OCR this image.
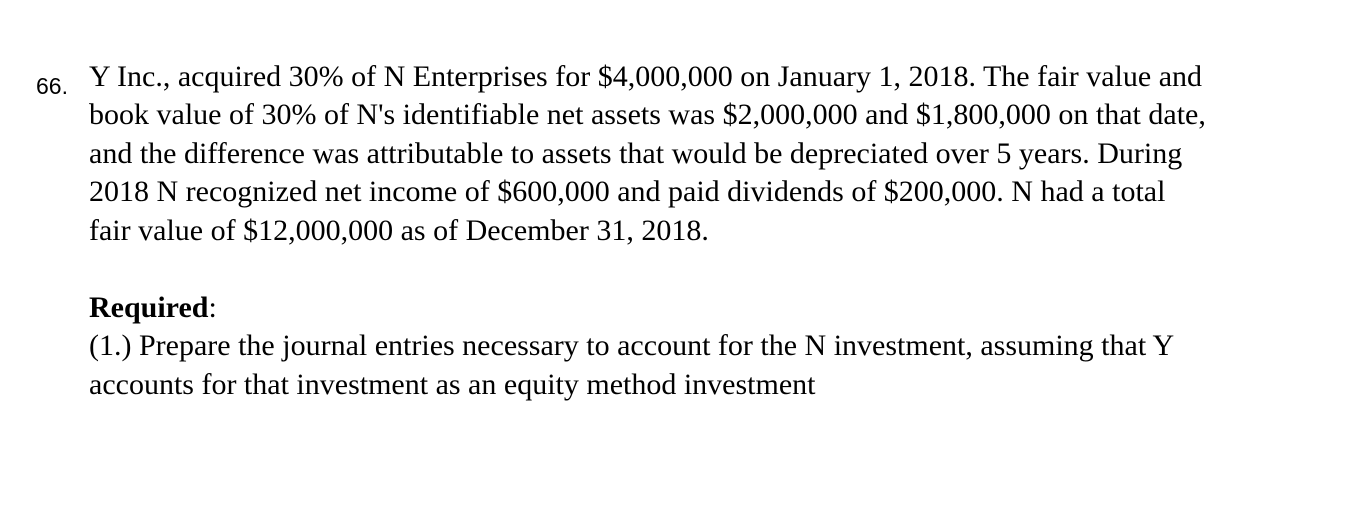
66. Y Inc., acquired 30% of N Enterprises for $4,000,000 on January 1, 2018. The fair value and
book value of 30% of N's identifiable net assets was $2,000,000 and $1,800,000 on that date,
and the difference was attributable to assets that would be depreciated over 5 years. During
2018 N recognized net income of $600,000 and paid dividends of $200,000. N had a total
fair value of $12,000,000 as of December 31, 2018.
Required:
(1.) Prepare the journal entries necessary to account for the N investment, assuming that Y
accounts for that investment as an equity method investment
